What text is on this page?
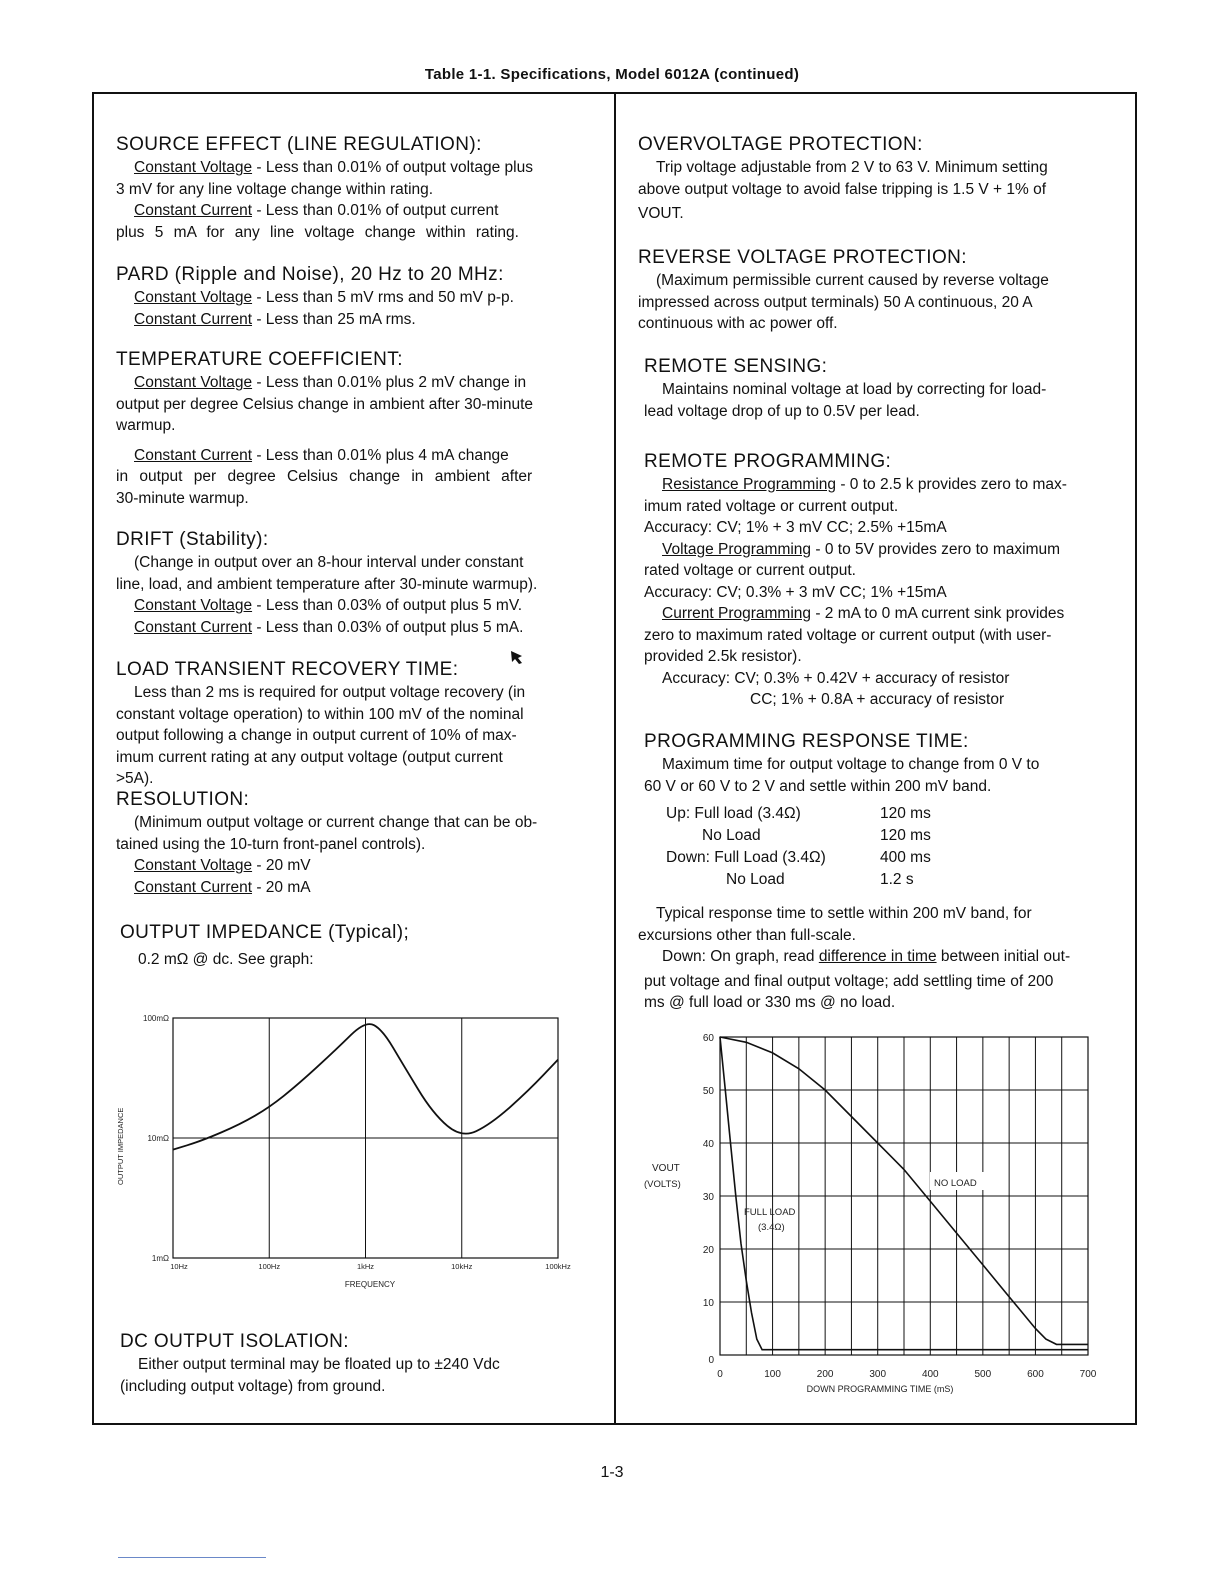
Table 1-1. Specifications, Model 6012A (continued)

SOURCE EFFECT (LINE REGULATION):

Constant Voltage - Less than 0.01% of output voltage plus

3 mV for any line voltage change within rating.

Constant Current - Less than 0.01% of output current

plus 5 mA for any line voltage change within rating.

PARD (Ripple and Noise), 20 Hz to 20 MHz:

Constant Voltage - Less than 5 mV rms and 50 mV p-p.

Constant Current - Less than 25 mA rms.

TEMPERATURE COEFFICIENT:

Constant Voltage - Less than 0.01% plus 2 mV change in

output per degree Celsius change in ambient after 30-minute

warmup.

Constant Current - Less than 0.01% plus 4 mA change

in output per degree Celsius change in ambient after

30-minute warmup.

DRIFT (Stability):

(Change in output over an 8-hour interval under constant

line, load, and ambient temperature after 30-minute warmup).

Constant Voltage - Less than 0.03% of output plus 5 mV.

Constant Current - Less than 0.03% of output plus 5 mA.

LOAD TRANSIENT RECOVERY TIME:

Less than 2 ms is required for output voltage recovery (in

constant voltage operation) to within 100 mV of the nominal

output following a change in output current of 10% of max-

imum current rating at any output voltage (output current

>5A).

RESOLUTION:

(Minimum output voltage or current change that can be ob-

tained using the 10-turn front-panel controls).

Constant Voltage - 20 mV

Constant Current - 20 mA

OUTPUT IMPEDANCE (Typical);

0.2 mΩ @ dc. See graph:

DC OUTPUT ISOLATION:

Either output terminal may be floated up to ±240 Vdc

(including output voltage) from ground.

OUTPUT IMPEDANCE
FREQUENCY
10Hz	100Hz	1kHz	10kHz	100kHz
1mΩ
10mΩ
100mΩ

OVERVOLTAGE PROTECTION:

Trip voltage adjustable from 2 V to 63 V. Minimum setting

above output voltage to avoid false tripping is 1.5 V + 1% of

VOUT.

REVERSE VOLTAGE PROTECTION:

(Maximum permissible current caused by reverse voltage

impressed across output terminals) 50 A continuous, 20 A

continuous with ac power off.

REMOTE SENSING:

Maintains nominal voltage at load by correcting for load-

lead voltage drop of up to 0.5V per lead.

REMOTE PROGRAMMING:

Resistance Programming - 0 to 2.5 k provides zero to max-

imum rated voltage or current output.

Accuracy: CV; 1% + 3 mV CC; 2.5% +15mA

Voltage Programming - 0 to 5V provides zero to maximum

rated voltage or current output.

Accuracy: CV; 0.3% + 3 mV CC; 1% +15mA

Current Programming - 2 mA to 0 mA current sink provides

zero to maximum rated voltage or current output (with user-

provided 2.5k resistor).

Accuracy: CV; 0.3% + 0.42V + accuracy of resistor

CC; 1% + 0.8A + accuracy of resistor

PROGRAMMING RESPONSE TIME:

Maximum time for output voltage to change from 0 V to

60 V or 60 V to 2 V and settle within 200 mV band.

Up: Full load (3.4Ω)	120 ms
No Load	120 ms
Down: Full Load (3.4Ω)	400 ms
No Load	1.2 s

Typical response time to settle within 200 mV band, for

excursions other than full-scale.

Down: On graph, read difference in time between initial out-

put voltage and final output voltage; add settling time of 200

ms @ full load or 330 ms @ no load.

0	100	200	300	400	500	600	700
0
10
20
30
40
50
60
VOUT
(VOLTS)
DOWN PROGRAMMING TIME (mS)
NO LOAD
FULL LOAD
(3.4Ω)
1-3
